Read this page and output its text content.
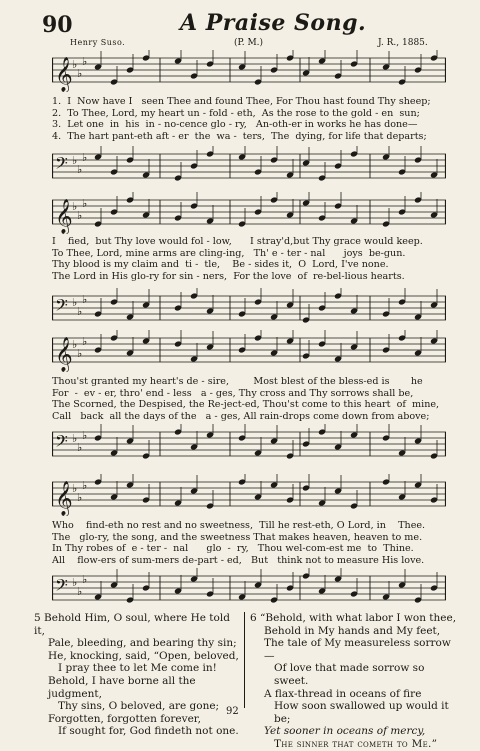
90	A Praise Song.
Henry Suso.	(P. M.)	J. R., 1885.
𝄞 ♭
♭
♭
1.  I  Now have I   seen Thee and found Thee, For Thou hast found Thy sheep;
2.  To Thee, Lord, my heart un - fold - eth,  As the rose to the gold - en  sun;
3.  Let one  in  his  in - no-cence glo - ry,   An-oth-er in works he has done—
4.  The hart pant-eth aft - er  the  wa -  ters,  The  dying, for life that departs;
𝄢 ♭
♭
♭
𝄞 ♭
♭
♭
I    fied,  but Thy love would fol - low,      I stray'd,but Thy grace would keep.
To Thee, Lord, mine arms are cling-ing,   Th' e - ter - nal      joys  be-gun.
Thy blood is my claim and  ti -  tle,    Be - sides it,  O  Lord, I've none.
The Lord in His glo-ry for sin - ners,  For the love  of  re-bel-lious hearts.
𝄢 ♭
♭
♭
𝄞 ♭
♭
♭
Thou'st granted my heart's de - sire,        Most blest of the bless-ed is       he
For  -  ev - er, thro' end - less   a - ges, Thy cross and Thy sorrows shall be,
The Scorned, the Despised, the Re-ject-ed, Thou'st come to this heart  of  mine,
Call   back  all the days of the   a - ges, All rain-drops come down from above;
𝄢 ♭
♭
♭
𝄞 ♭
♭
♭
Who    find-eth no rest and no sweetness,  Till he rest-eth, O Lord, in    Thee.
The   glo-ry, the song, and the sweetness That makes heaven, heaven to me.
In Thy robes of  e - ter -  nal      glo  -  ry,   Thou wel-com-est me  to  Thine.
All    flow-ers of sum-mers de-part - ed,   But   think not to measure His love.
𝄢 ♭
♭
♭
5 Behold Him, O soul, where He told it,
Pale, bleeding, and bearing thy sin;
He, knocking, said, “Open, beloved,
I pray thee to let Me come in!
Behold, I have borne all the judgment,
Thy sins, O beloved, are gone;
Forgotten, forgotten forever,
If sought for, God findeth not one.
6 “Behold, with what labor I won thee,
Behold in My hands and My feet,
The tale of My measureless sorrow—
Of love that made sorrow so sweet.
A flax-thread in oceans of fire
How soon swallowed up would it be;
Yet sooner in oceans of mercy,
The sinner that cometh to Me.”
92
